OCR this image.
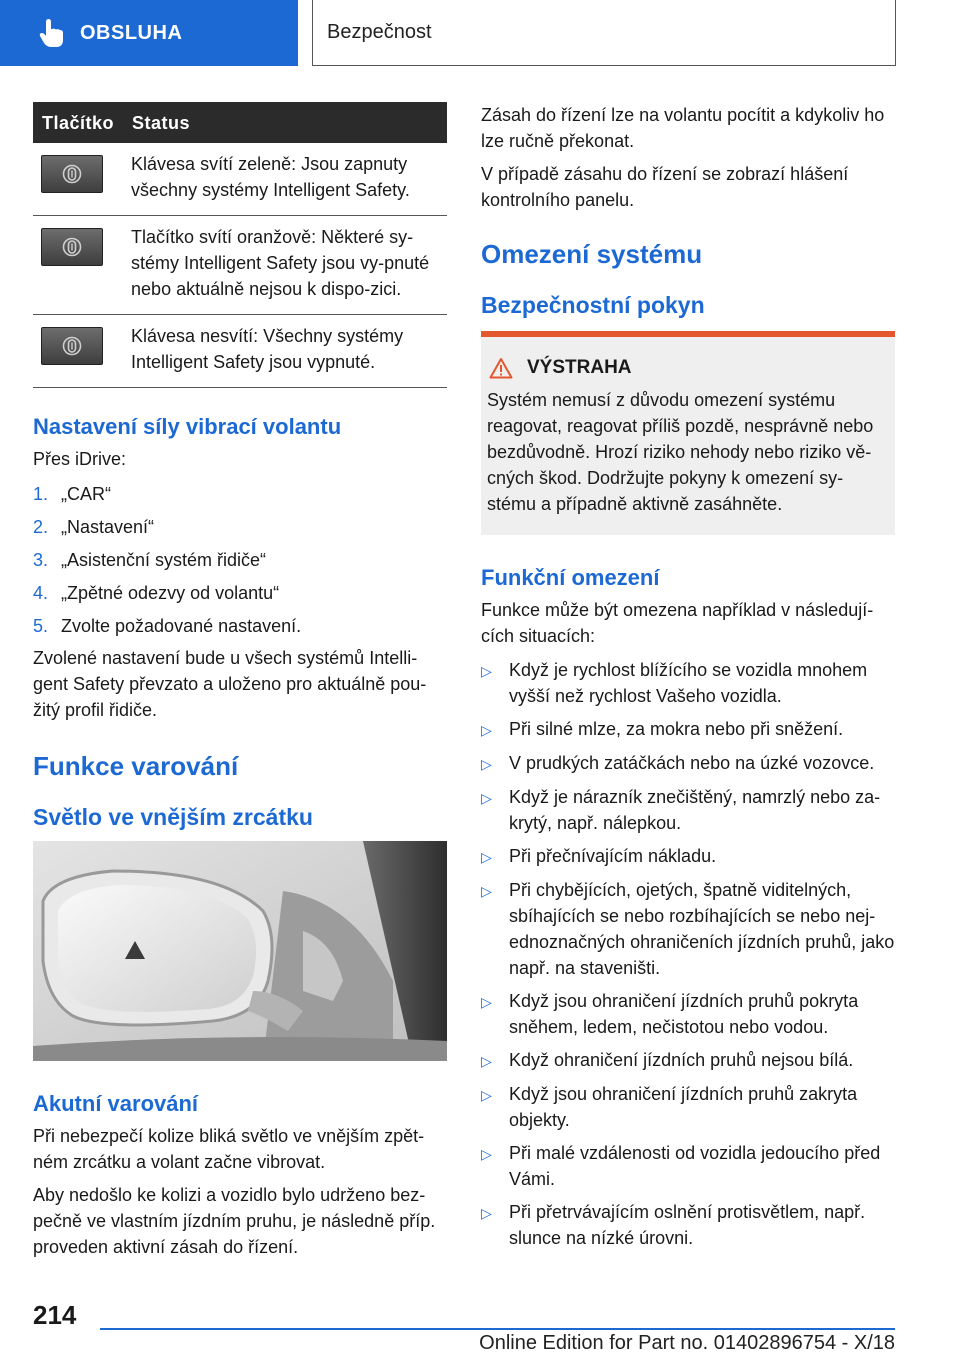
OBSLUHA	Bezpečnost
Tlačítko	Status

	Klávesa svítí zeleně: Jsou zapnuty všechny systémy Intelligent Safety.

	Tlačítko svítí oranžově: Některé sy-stémy Intelligent Safety jsou vy-pnuté nebo aktuálně nejsou k dispo-zici.

	Klávesa nesvítí: Všechny systémy Intelligent Safety jsou vypnuté.
Nastavení síly vibrací volantu

Přes iDrive:

1. „CAR“
2. „Nastavení“
3. „Asistenční systém řidiče“
4. „Zpětné odezvy od volantu“
5. Zvolte požadované nastavení.

Zvolené nastavení bude u všech systémů Intelli-gent Safety převzato a uloženo pro aktuálně pou-žitý profil řidiče.

Funkce varování
Světlo ve vnějším zrcátku
Akutní varování

Při nebezpečí kolize bliká světlo ve vnějším zpět-ném zrcátku a volant začne vibrovat.

Aby nedošlo ke kolizi a vozidlo bylo udrženo bez-pečně ve vlastním jízdním pruhu, je následně příp. proveden aktivní zásah do řízení.

Zásah do řízení lze na volantu pocítit a kdykoliv ho lze ručně překonat.

V případě zásahu do řízení se zobrazí hlášení kontrolního panelu.

Omezení systému
Bezpečnostní pokyn
VÝSTRAHA

Systém nemusí z důvodu omezení systému reagovat, reagovat příliš pozdě, nesprávně nebo bezdůvodně. Hrozí riziko nehody nebo riziko vě-cných škod. Dodržujte pokyny k omezení sy-stému a případně aktivně zasáhněte.

Funkční omezení

Funkce může být omezena například v následují-cích situacích:

▷ Když je rychlost blížícího se vozidla mnohem vyšší než rychlost Vašeho vozidla.
▷ Při silné mlze, za mokra nebo při sněžení.
▷ V prudkých zatáčkách nebo na úzké vozovce.
▷ Když je nárazník znečištěný, namrzlý nebo za-krytý, např. nálepkou.
▷ Při přečnívajícím nákladu.
▷ Při chybějících, ojetých, špatně viditelných, sbíhajících se nebo rozbíhajících se nebo nej-ednoznačných ohraničeních jízdních pruhů, jako např. na staveništi.
▷ Když jsou ohraničení jízdních pruhů pokryta sněhem, ledem, nečistotou nebo vodou.
▷ Když ohraničení jízdních pruhů nejsou bílá.
▷ Když jsou ohraničení jízdních pruhů zakryta objekty.
▷ Při malé vzdálenosti od vozidla jedoucího před Vámi.
▷ Při přetrvávajícím oslnění protisvětlem, např. slunce na nízké úrovni.
214
Online Edition for Part no. 01402896754 - X/18
